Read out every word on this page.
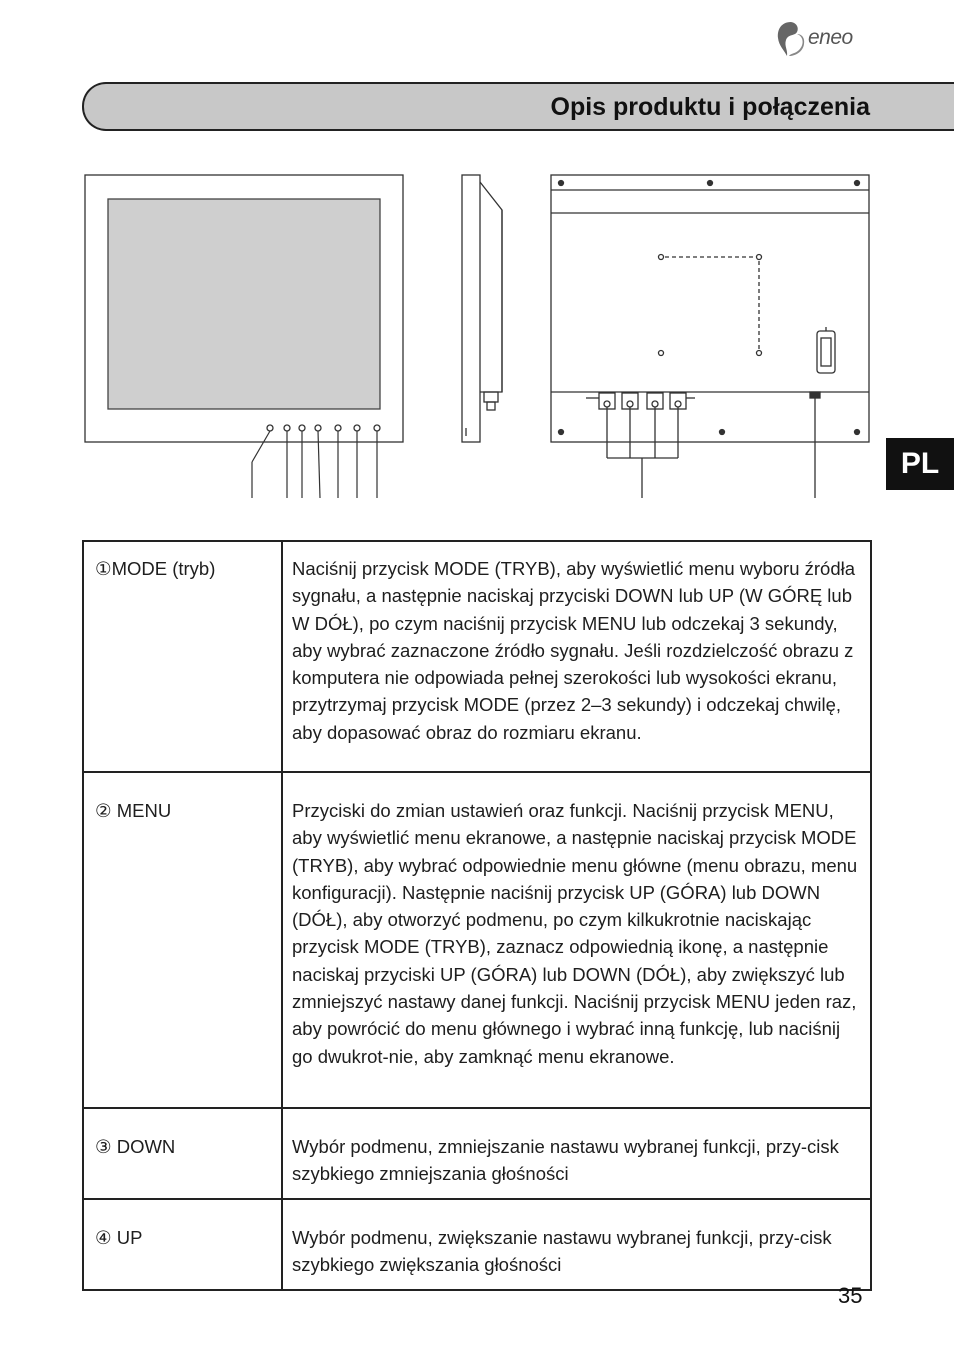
eneo
Opis produktu i połączenia
PL
①MODE (tryb)	Naciśnij przycisk MODE (TRYB), aby wyświetlić menu wyboru źródła sygnału, a następnie naciskaj przyciski DOWN lub UP (W GÓRĘ lub W DÓŁ), po czym naciśnij przycisk MENU lub odczekaj 3 sekundy, aby wybrać zaznaczone źródło sygnału. Jeśli rozdzielczość obrazu z komputera nie odpowiada pełnej szerokości lub wysokości ekranu, przytrzymaj przycisk MODE (przez 2–3 sekundy) i odczekaj chwilę, aby dopasować obraz do rozmiaru ekranu.

② MENU	Przyciski do zmian ustawień oraz funkcji. Naciśnij przycisk MENU, aby wyświetlić menu ekranowe, a następnie naciskaj przycisk MODE (TRYB), aby wybrać odpowiednie menu główne (menu obrazu, menu konfiguracji). Następnie naciśnij przycisk UP (GÓRA) lub DOWN (DÓŁ), aby otworzyć podmenu, po czym kilkukrotnie naciskając przycisk MODE (TRYB), zaznacz odpowiednią ikonę, a następnie naciskaj przyciski UP (GÓRA) lub DOWN (DÓŁ), aby zwiększyć lub zmniejszyć nastawy danej funkcji. Naciśnij przycisk MENU jeden raz, aby powrócić do menu głównego i wybrać inną funkcję, lub naciśnij go dwukrot-nie, aby zamknąć menu ekranowe.

③ DOWN	Wybór podmenu, zmniejszanie nastawu wybranej funkcji, przy-cisk szybkiego zmniejszania głośności

④ UP	Wybór podmenu, zwiększanie nastawu wybranej funkcji, przy-cisk szybkiego zwiększania głośności

35
